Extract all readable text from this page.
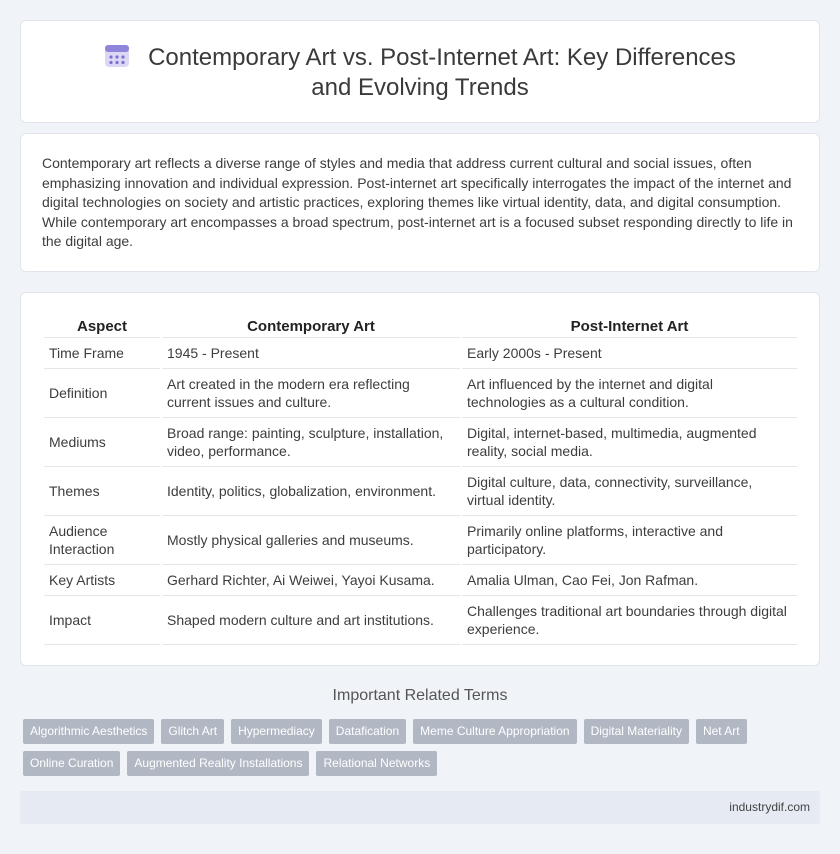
Contemporary Art vs. Post-Internet Art: Key Differences and Evolving Trends

Contemporary art reflects a diverse range of styles and media that address current cultural and social issues, often emphasizing innovation and individual expression. Post-internet art specifically interrogates the impact of the internet and digital technologies on society and artistic practices, exploring themes like virtual identity, data, and digital consumption. While contemporary art encompasses a broad spectrum, post-internet art is a focused subset responding directly to life in the digital age.

Aspect	Contemporary Art	Post-Internet Art
Time Frame	1945 - Present	Early 2000s - Present
Definition	Art created in the modern era reflecting current issues and culture.	Art influenced by the internet and digital technologies as a cultural condition.
Mediums	Broad range: painting, sculpture, installation, video, performance.	Digital, internet-based, multimedia, augmented reality, social media.
Themes	Identity, politics, globalization, environment.	Digital culture, data, connectivity, surveillance, virtual identity.
Audience Interaction	Mostly physical galleries and museums.	Primarily online platforms, interactive and participatory.
Key Artists	Gerhard Richter, Ai Weiwei, Yayoi Kusama.	Amalia Ulman, Cao Fei, Jon Rafman.
Impact	Shaped modern culture and art institutions.	Challenges traditional art boundaries through digital experience.
Important Related Terms
Algorithmic Aesthetics	Glitch Art	Hypermediacy	Datafication	Meme Culture Appropriation	Digital Materiality	Net Art
Online Curation	Augmented Reality Installations	Relational Networks
industrydif.com
